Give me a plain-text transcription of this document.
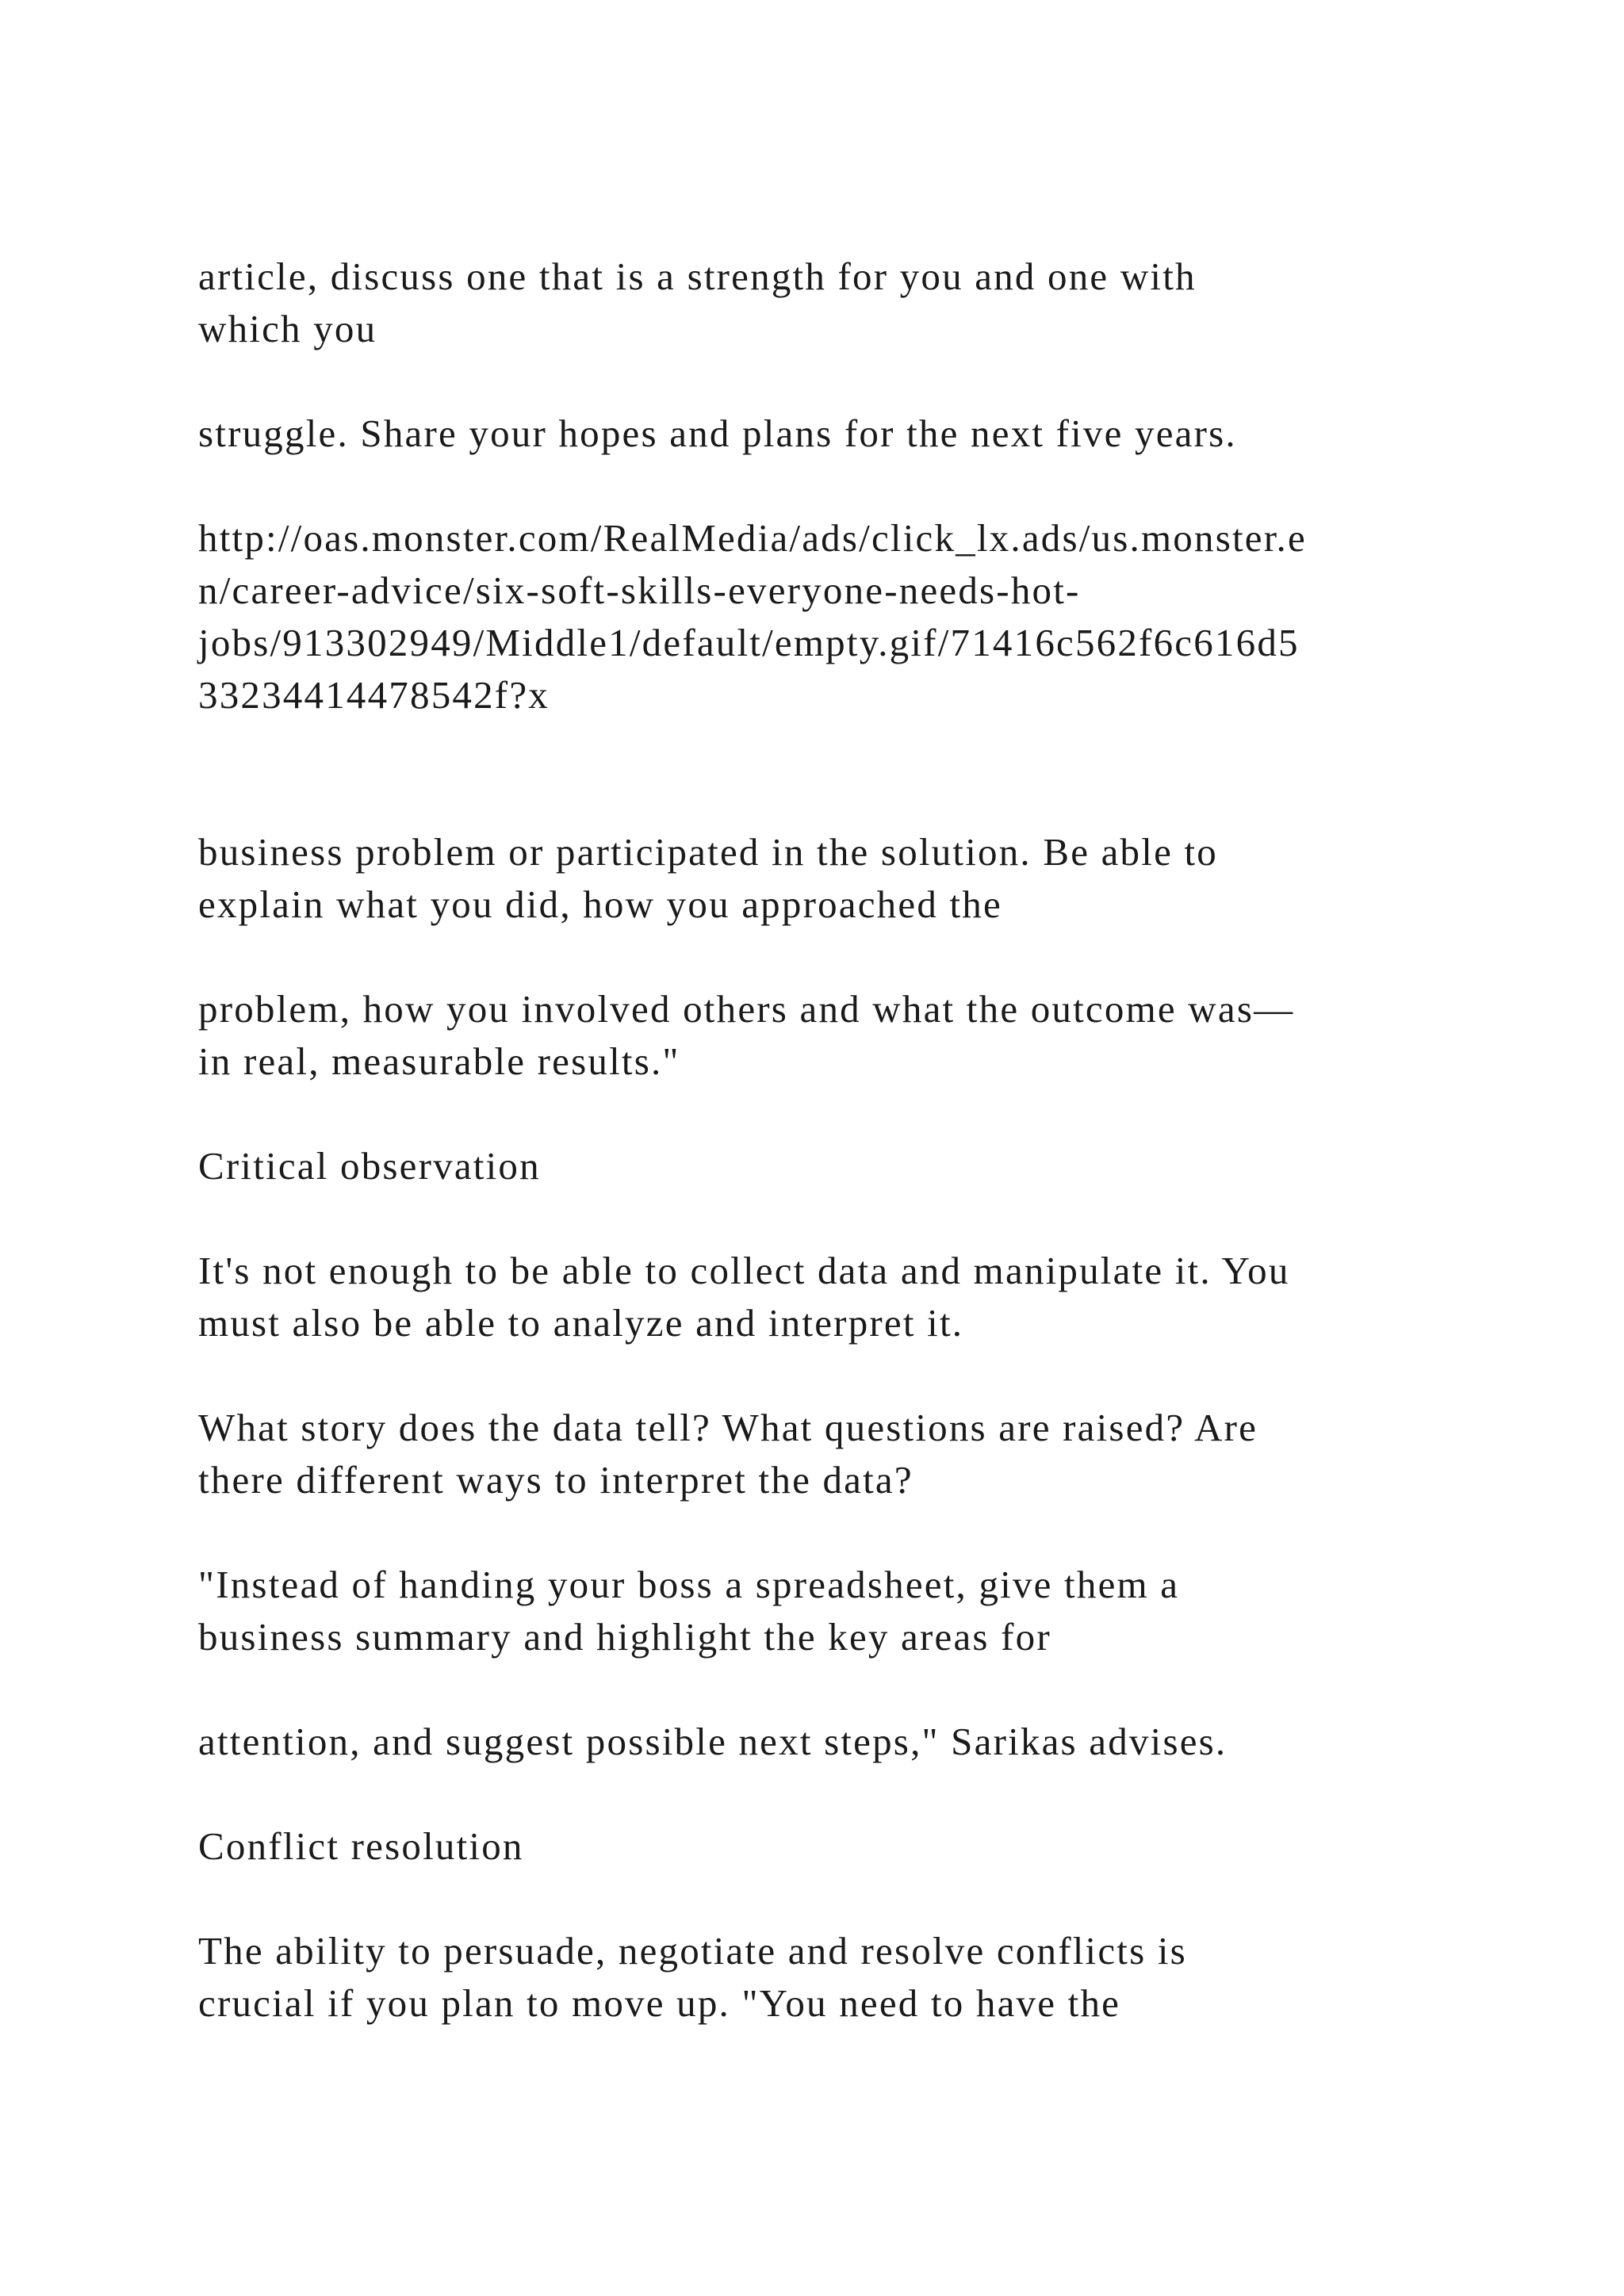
article, discuss one that is a strength for you and one with
which you

struggle. Share your hopes and plans for the next five years.

http://oas.monster.com/RealMedia/ads/click_lx.ads/us.monster.e
n/career-advice/six-soft-skills-everyone-needs-hot-
jobs/913302949/Middle1/default/empty.gif/71416c562f6c616d5
33234414478542f?x

business problem or participated in the solution. Be able to
explain what you did, how you approached the

problem, how you involved others and what the outcome was—
in real, measurable results."

Critical observation

It's not enough to be able to collect data and manipulate it. You
must also be able to analyze and interpret it.

What story does the data tell? What questions are raised? Are
there different ways to interpret the data?

"Instead of handing your boss a spreadsheet, give them a
business summary and highlight the key areas for

attention, and suggest possible next steps," Sarikas advises.

Conflict resolution

The ability to persuade, negotiate and resolve conflicts is
crucial if you plan to move up. "You need to have the
